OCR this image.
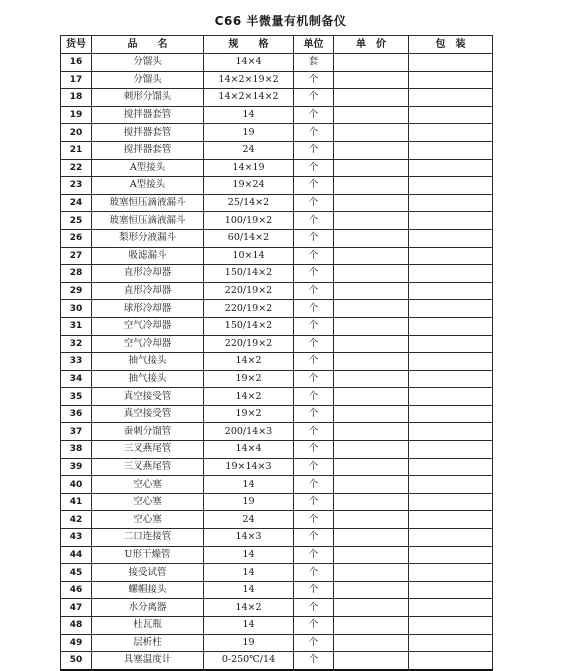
C66 半微量有机制备仪
货号	品　　名	规　　格	单位	单　价	包　装
16	分馏头	14×4	套		
17	分馏头	14×2×19×2	个		
18	刺形分馏头	14×2×14×2	个		
19	搅拌器套管	14	个		
20	搅拌器套管	19	个		
21	搅拌器套管	24	个		
22	A型接头	14×19	个		
23	A型接头	19×24	个		
24	玻塞恒压滴液漏斗	25/14×2	个		
25	玻塞恒压滴液漏斗	100/19×2	个		
26	梨形分液漏斗	60/14×2	个		
27	吸滤漏斗	10×14	个		
28	直形冷却器	150/14×2	个		
29	直形冷却器	220/19×2	个		
30	球形冷却器	220/19×2	个		
31	空气冷却器	150/14×2	个		
32	空气冷却器	220/19×2	个		
33	抽气接头	14×2	个		
34	抽气接头	19×2	个		
35	真空接受管	14×2	个		
36	真空接受管	19×2	个		
37	蚕刺分馏管	200/14×3	个		
38	三叉燕尾管	14×4	个		
39	三叉燕尾管	19×14×3	个		
40	空心塞	14	个		
41	空心塞	19	个		
42	空心塞	24	个		
43	二口连接管	14×3	个		
44	U形干燥管	14	个		
45	接受试管	14	个		
46	螺帽接头	14	个		
47	水分离器	14×2	个		
48	杜瓦瓶	14	个		
49	层析柱	19	个		
50	具塞温度计	0-250℃/14	个		
